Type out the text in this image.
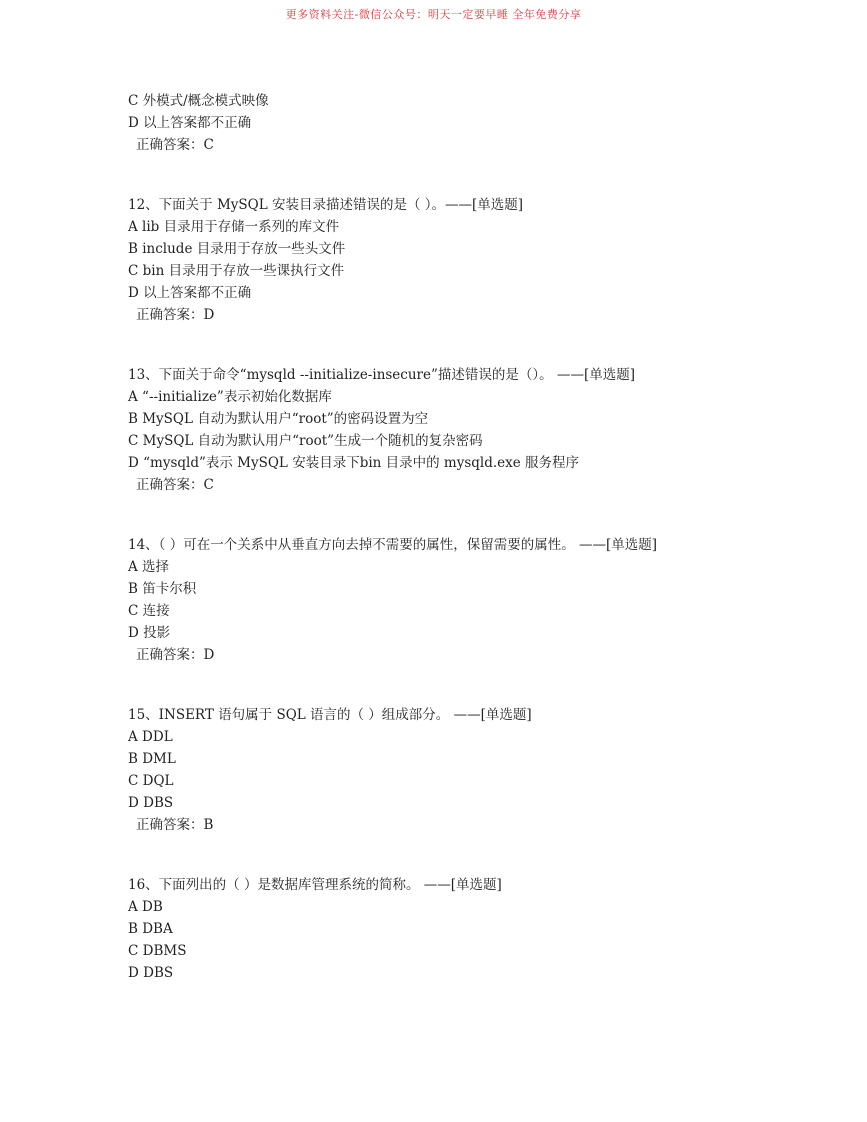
更多资料关注-微信公众号：明天一定要早睡 全年免费分享
C 外模式/概念模式映像
D 以上答案都不正确
正确答案：C
12、下面关于 MySQL 安装目录描述错误的是（ ）。——[单选题]
A lib 目录用于存储一系列的库文件
B include 目录用于存放一些头文件
C bin 目录用于存放一些课执行文件
D 以上答案都不正确
正确答案：D
13、下面关于命令“mysqld --initialize-insecure”描述错误的是（）。 ——[单选题]
A “--initialize”表示初始化数据库
B MySQL 自动为默认用户“root”的密码设置为空
C MySQL 自动为默认用户“root”生成一个随机的复杂密码
D “mysqld”表示 MySQL 安装目录下bin 目录中的 mysqld.exe 服务程序
正确答案：C
14、（ ）可在一个关系中从垂直方向去掉不需要的属性，保留需要的属性。 ——[单选题]
A 选择
B 笛卡尔积
C 连接
D 投影
正确答案：D
15、INSERT 语句属于 SQL 语言的（ ）组成部分。 ——[单选题]
A DDL
B DML
C DQL
D DBS
正确答案：B
16、下面列出的（ ）是数据库管理系统的简称。 ——[单选题]
A DB
B DBA
C DBMS
D DBS
